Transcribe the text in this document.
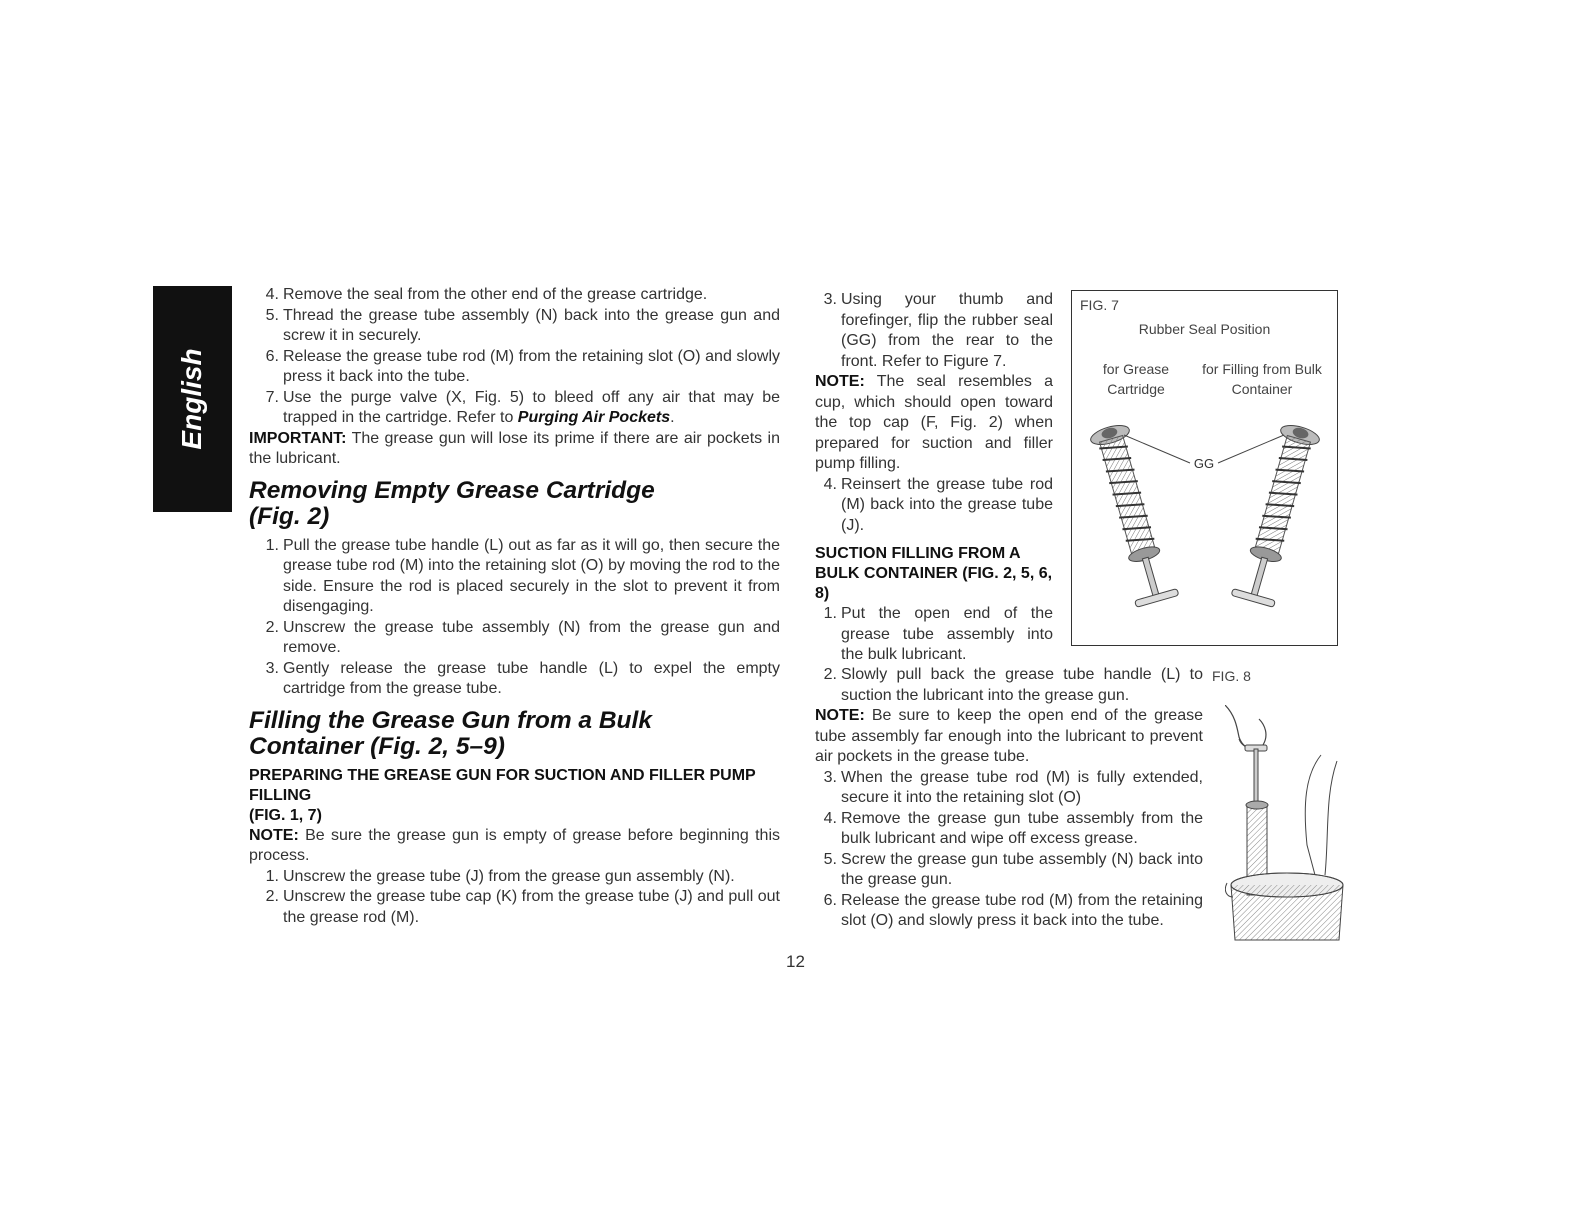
English
4. Remove the seal from the other end of the grease cartridge.
5. Thread the grease tube assembly (N) back into the grease gun and screw it in securely.
6. Release the grease tube rod (M) from the retaining slot (O) and slowly press it back into the tube.
7. Use the purge valve (X, Fig. 5) to bleed off any air that may be trapped in the cartridge. Refer to Purging Air Pockets.

IMPORTANT: The grease gun will lose its prime if there are air pockets in the lubricant.

Removing Empty Grease Cartridge (Fig. 2)
1. Pull the grease tube handle (L) out as far as it will go, then secure the grease tube rod (M) into the retaining slot (O) by moving the rod to the side. Ensure the rod is placed securely in the slot to prevent it from disengaging.
2. Unscrew the grease tube assembly (N) from the grease gun and remove.
3. Gently release the grease tube handle (L) to expel the empty cartridge from the grease tube.
Filling the Grease Gun from a Bulk Container (Fig. 2, 5–9)
PREPARING THE GREASE GUN FOR SUCTION AND FILLER PUMP FILLING
(FIG. 1, 7)

NOTE: Be sure the grease gun is empty of grease before beginning this process.

1. Unscrew the grease tube (J) from the grease gun assembly (N).
2. Unscrew the grease tube cap (K) from the grease tube (J) and pull out the grease rod (M).
3. Using your thumb and forefinger, flip the rubber seal (GG) from the rear to the front. Refer to Figure 7.

NOTE: The seal resembles a cup, which should open toward the top cap (F, Fig. 2) when prepared for suction and filler pump filling.

4. Reinsert the grease tube rod (M) back into the grease tube (J).
SUCTION FILLING FROM A BULK CONTAINER (FIG. 2, 5, 6, 8)
1. Put the open end of the grease tube assembly into the bulk lubricant.
FIG. 7
Rubber Seal Position
for Grease Cartridge
for Filling from Bulk Container
GG
2. Slowly pull back the grease tube handle (L) to suction the lubricant into the grease gun.

NOTE: Be sure to keep the open end of the grease tube assembly far enough into the lubricant to prevent air pockets in the grease tube.

3. When the grease tube rod (M) is fully extended, secure it into the retaining slot (O)
4. Remove the grease gun tube assembly from the bulk lubricant and wipe off excess grease.
5. Screw the grease gun tube assembly (N) back into the grease gun.
6. Release the grease tube rod (M) from the retaining slot (O) and slowly press it back into the tube.
FIG. 8
12
